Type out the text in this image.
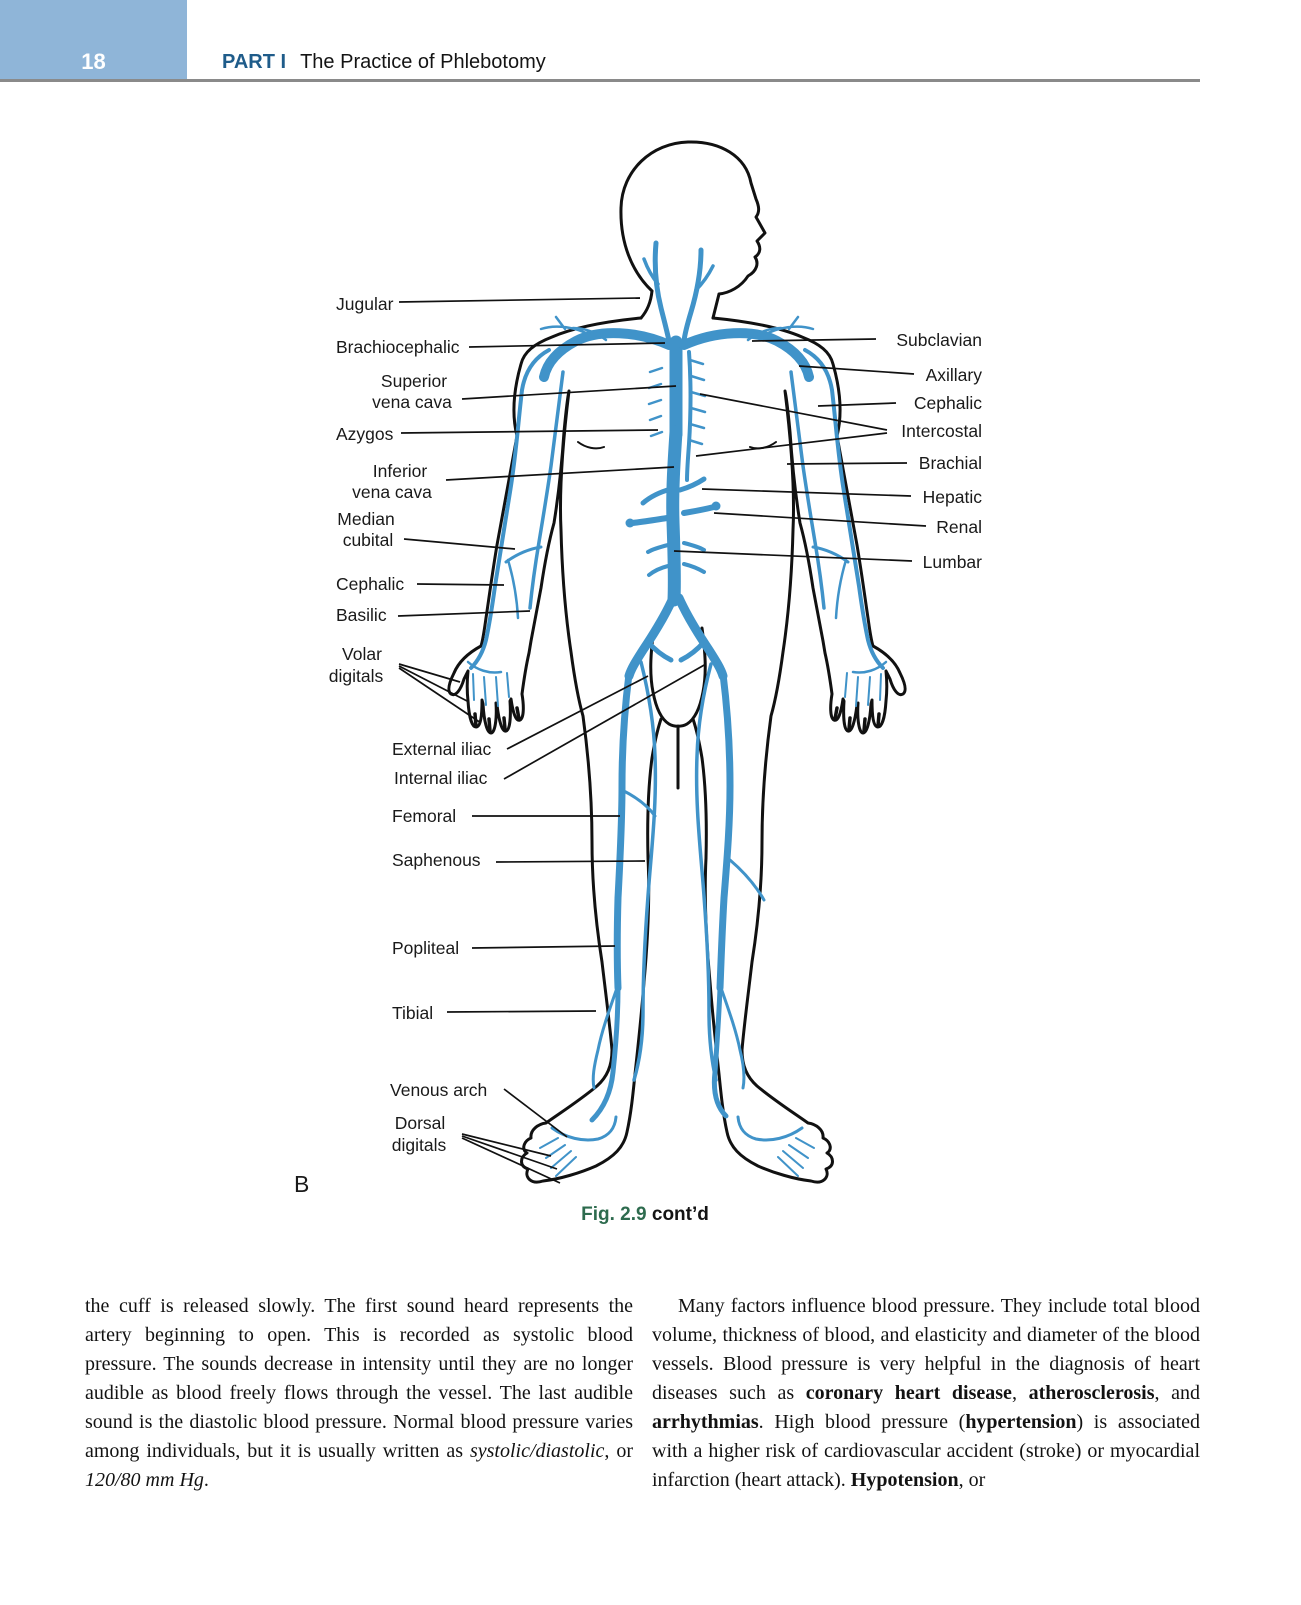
18	PART I The Practice of Phlebotomy
Jugular
Brachiocephalic
Superior
vena cava
Azygos
Inferior
vena cava
Median
cubital
Cephalic
Basilic
Volar
digitals
External iliac
Internal iliac
Femoral
Saphenous
Popliteal
Tibial
Venous arch
Dorsal
digitals
Subclavian
Axillary
Cephalic
Intercostal
Brachial
Hepatic
Renal
Lumbar
B
Fig. 2.9 cont’d

the cuff is released slowly. The first sound heard represents the artery beginning to open. This is recorded as systolic blood pressure. The sounds decrease in intensity until they are no longer audible as blood freely flows through the vessel. The last audible sound is the diastolic blood pressure. Normal blood pressure varies among individuals, but it is usually written as systolic/diastolic, or 120/80 mm Hg.

Many factors influence blood pressure. They include total blood volume, thickness of blood, and elasticity and diameter of the blood vessels. Blood pressure is very helpful in the diagnosis of heart diseases such as coronary heart disease, atherosclerosis, and arrhythmias. High blood pressure (hypertension) is associated with a higher risk of cardiovascular accident (stroke) or myocardial infarction (heart attack). Hypotension, or
